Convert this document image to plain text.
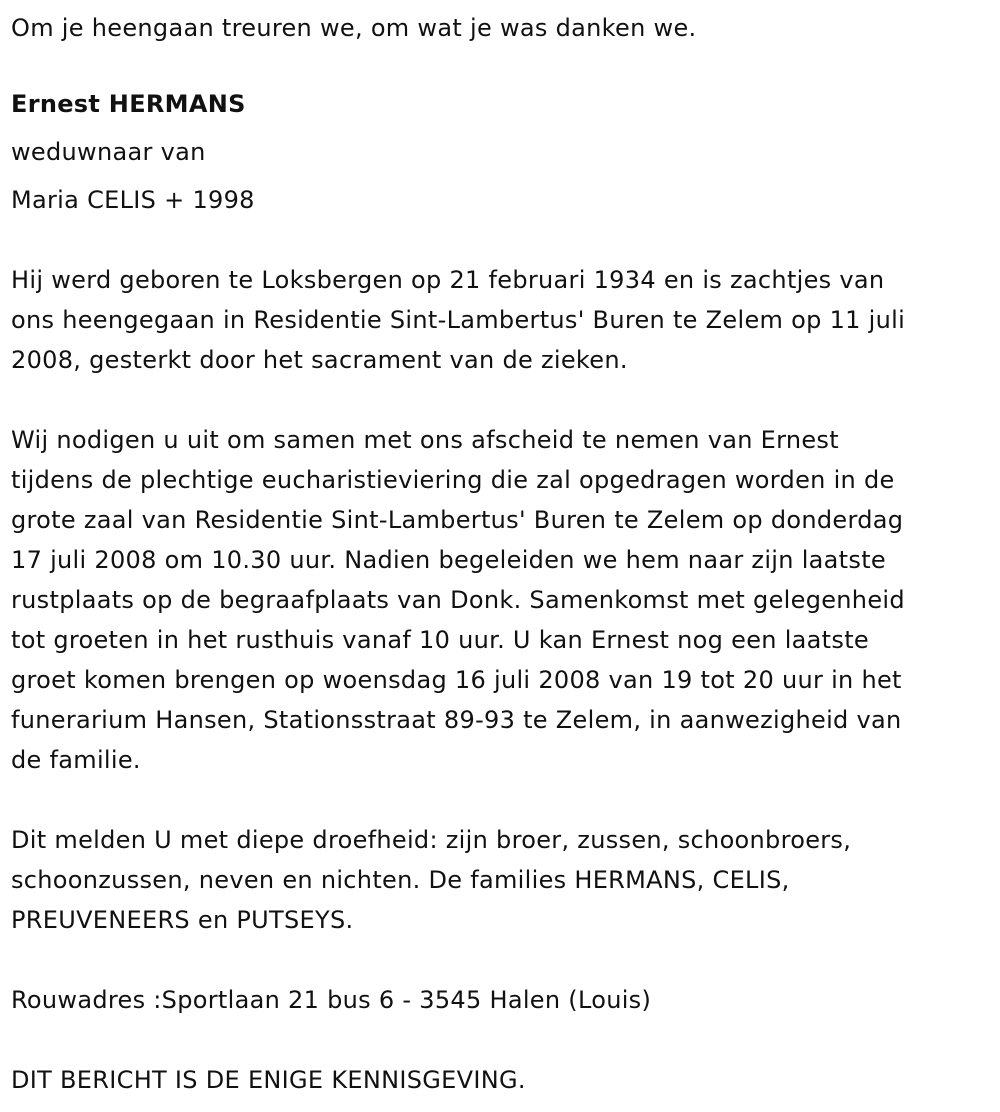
Om je heengaan treuren we, om wat je was danken we.
Ernest HERMANS
weduwnaar van
Maria CELIS + 1998
Hij werd geboren te Loksbergen op 21 februari 1934 en is zachtjes van
ons heengegaan in Residentie Sint-Lambertus' Buren te Zelem op 11 juli
2008, gesterkt door het sacrament van de zieken.
Wij nodigen u uit om samen met ons afscheid te nemen van Ernest
tijdens de plechtige eucharistieviering die zal opgedragen worden in de
grote zaal van Residentie Sint-Lambertus' Buren te Zelem op donderdag
17 juli 2008 om 10.30 uur. Nadien begeleiden we hem naar zijn laatste
rustplaats op de begraafplaats van Donk. Samenkomst met gelegenheid
tot groeten in het rusthuis vanaf 10 uur. U kan Ernest nog een laatste
groet komen brengen op woensdag 16 juli 2008 van 19 tot 20 uur in het
funerarium Hansen, Stationsstraat 89-93 te Zelem, in aanwezigheid van
de familie.
Dit melden U met diepe droefheid: zijn broer, zussen, schoonbroers,
schoonzussen, neven en nichten. De families HERMANS, CELIS,
PREUVENEERS en PUTSEYS.
Rouwadres :Sportlaan 21 bus 6 - 3545 Halen (Louis)
DIT BERICHT IS DE ENIGE KENNISGEVING.
